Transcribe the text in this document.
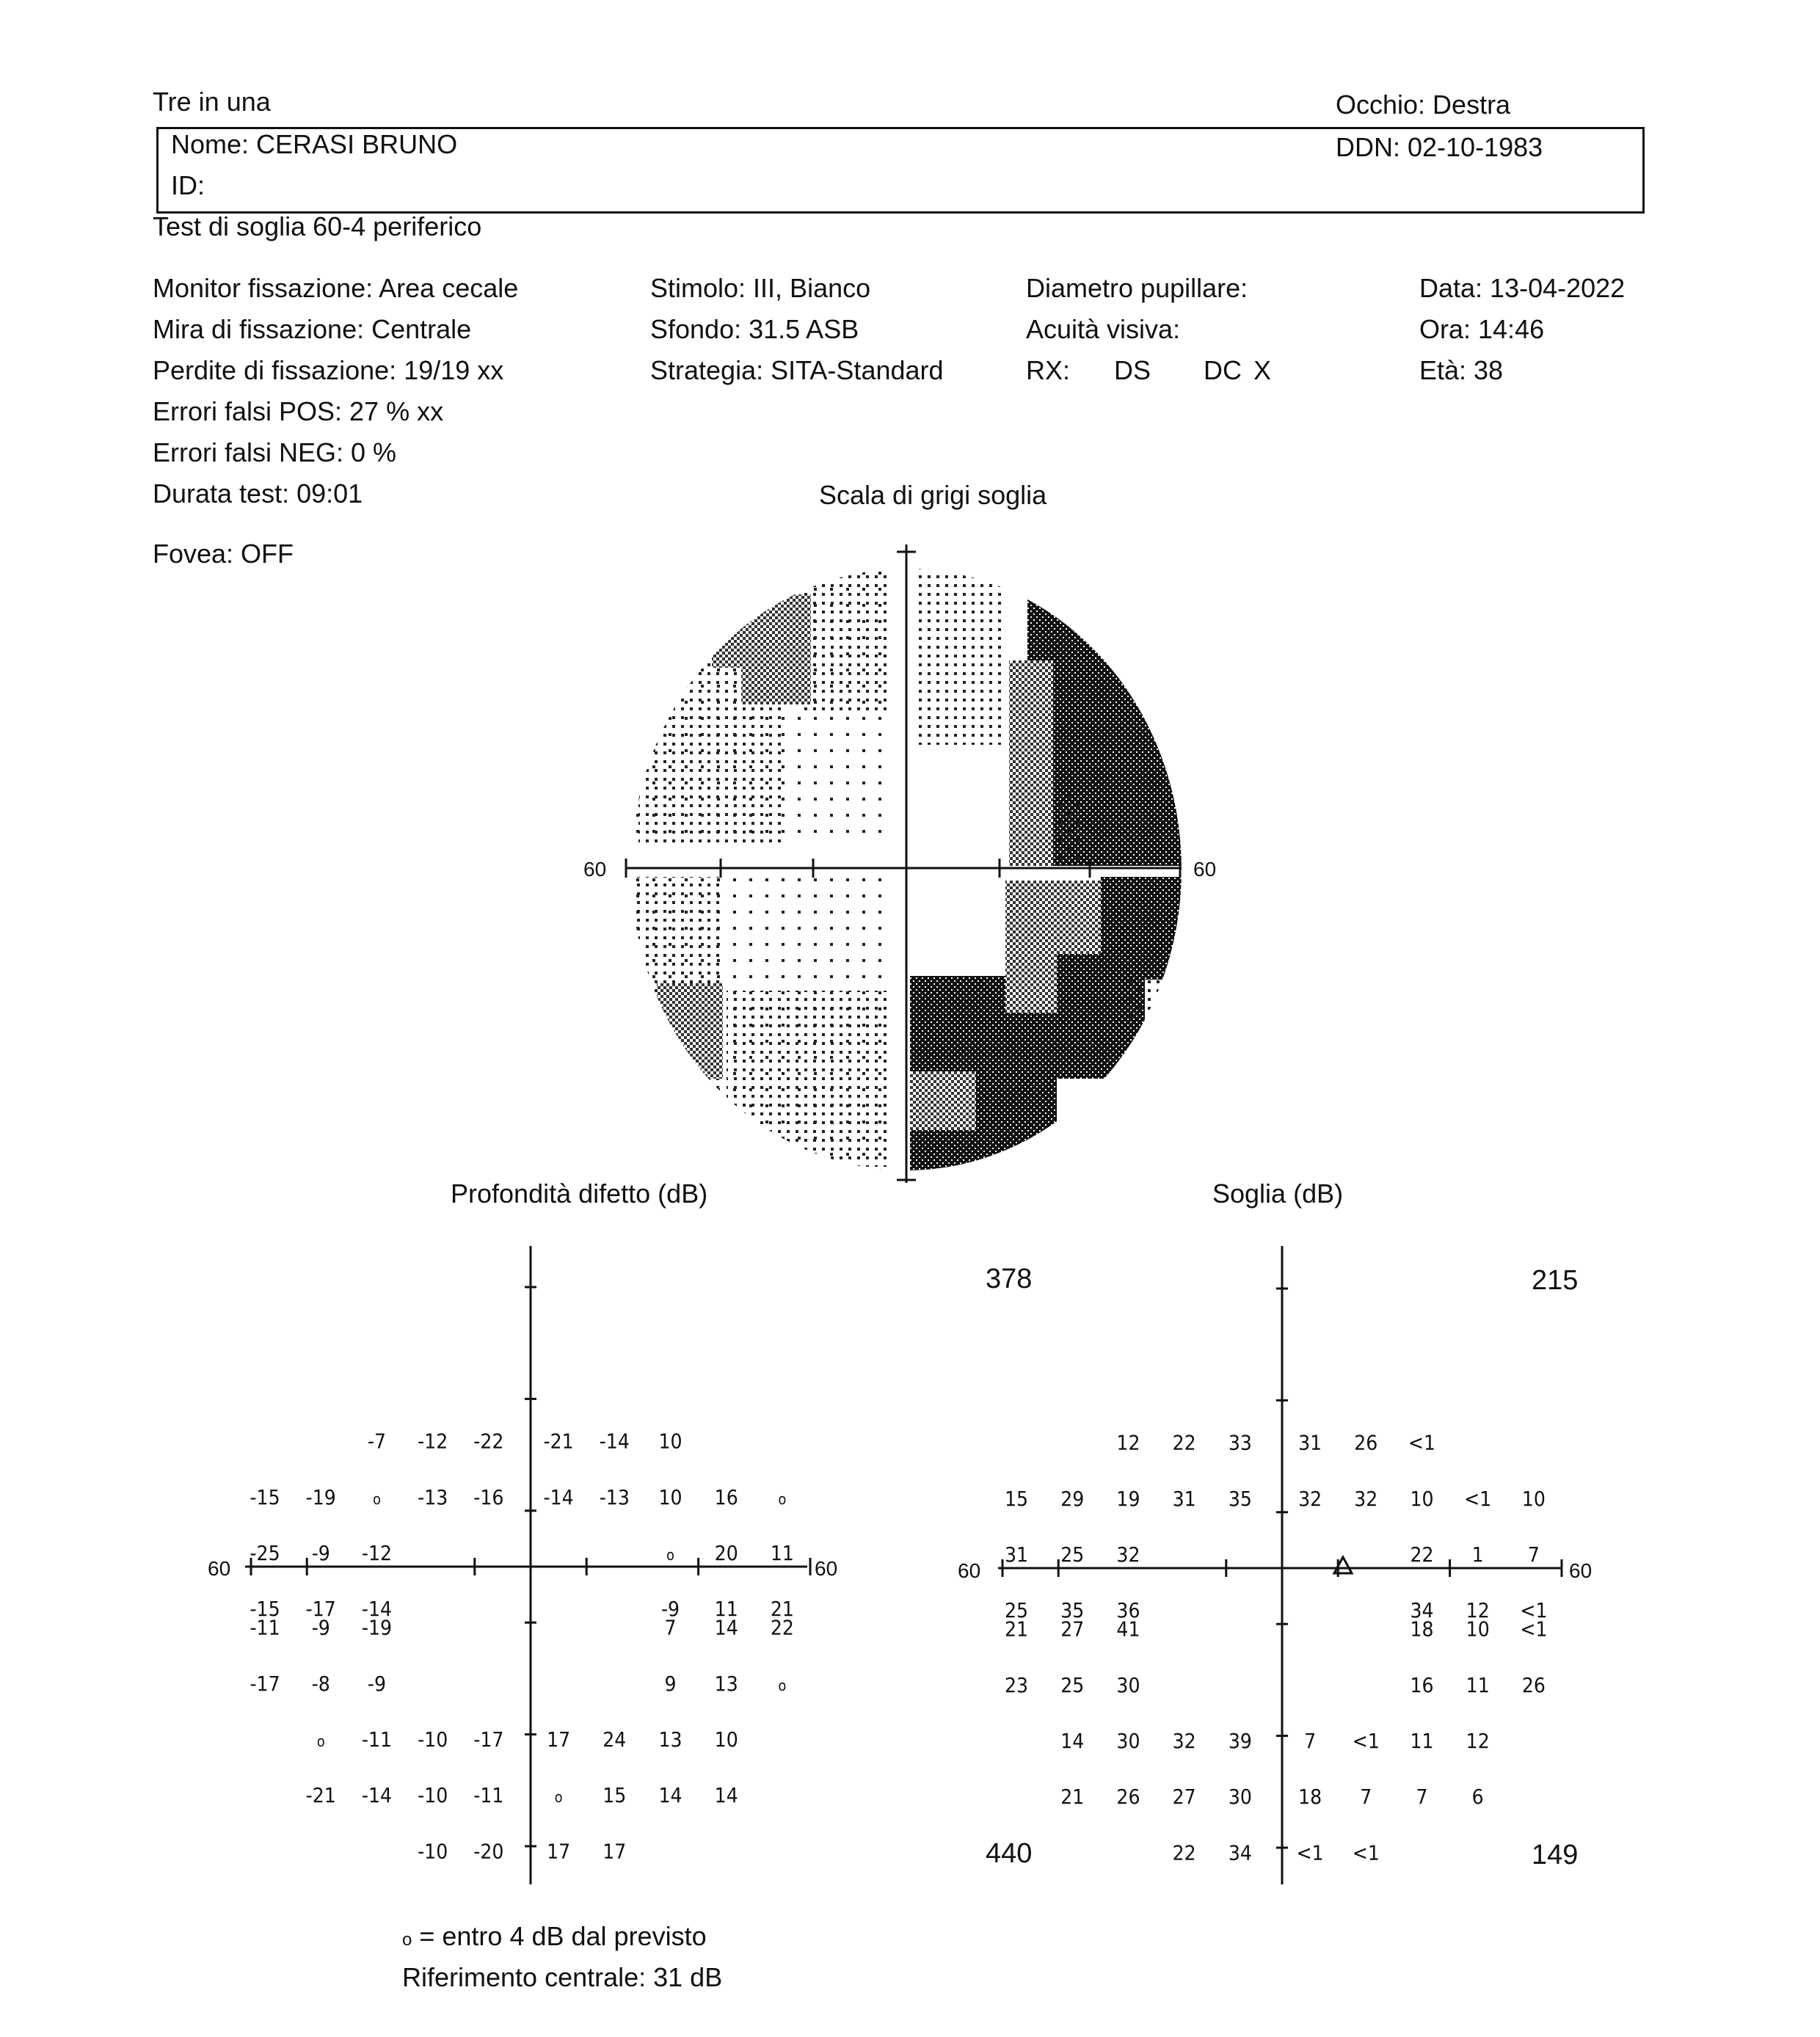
Tre in una	Occhio: Destra
Nome: CERASI BRUNO
ID:
DDN: 02-10-1983
Test di soglia 60-4 periferico
Monitor fissazione: Area cecale
Mira di fissazione: Centrale
Perdite di fissazione: 19/19 xx
Errori falsi POS: 27 % xx
Errori falsi NEG: 0 %
Durata test: 09:01
Fovea: OFF
Stimolo: III, Bianco
Sfondo: 31.5 ASB
Strategia: SITA-Standard
Diametro pupillare:
Acuità visiva:
RX: DS DC X
Data: 13-04-2022
Ora: 14:46
Età: 38
Scala di grigi soglia
60	60
Profondità difetto (dB)
-7 -12 -22 -21 -14 10
-15 -19	o -13 -16 -14 -13 10 16	o
-25 -9 -12	o 20 11
-15 -17 -14	-9 11 21
-11 -9 -19	7 14 22
-17 -8 -9	9 13	o
o -11 -10 -17 17 24 13 10
-21 -14 -10 -11	o 15 14 14
-10 -20 17 17
60	60
Soglia (dB)
12 22 33 31 26 <1
15 29 19 31 35 32 32 10 <1 10
31 25 32	22 1 7
25 35 36	34 12 <1
21 27 41	18 10 <1
23 25 30	16 11 26
14 30 32 39	7 <1 11 12
21 26 27 30 18 7 7 6
22 34 <1 <1
60	60
378	215
440	149
o = entro 4 dB dal previsto
Riferimento centrale: 31 dB
